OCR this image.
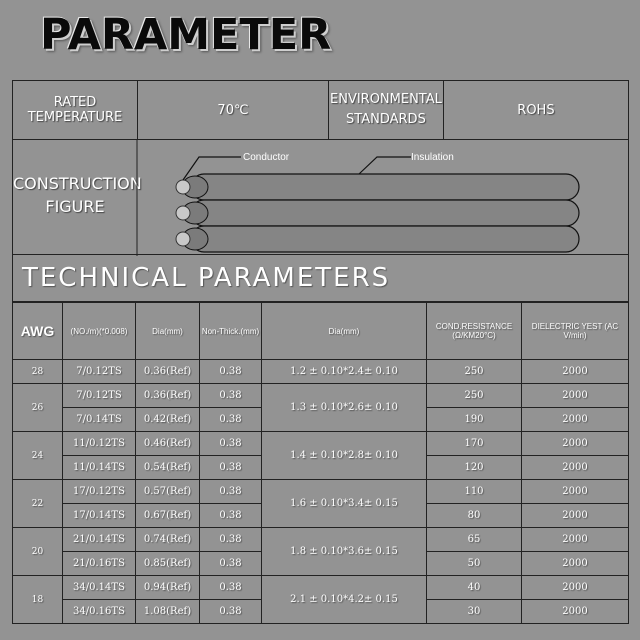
PARAMETER
RATED TEMPERATURE	70℃	ENVIRONMENTAL STANDARDS	ROHS
CONSTRUCTION FIGURE
Conductor	Insulation
TECHNICAL PARAMETERS
AWG	(NO./m)(*0.008)	Dia(mm)	Non-Thick.(mm)	Dia(mm)	COND.RESISTANCE (Ω/KM20°C)	DIELECTRIC YEST (AC V/min)
28	7/0.12TS	0.36(Ref)	0.38	1.2 ± 0.10*2.4± 0.10	250	2000
26	7/0.12TS	0.36(Ref)	0.38	1.3 ± 0.10*2.6± 0.10	250	2000
	7/0.14TS	0.42(Ref)	0.38		190	2000
24	11/0.12TS	0.46(Ref)	0.38	1.4 ± 0.10*2.8± 0.10	170	2000
	11/0.14TS	0.54(Ref)	0.38		120	2000
22	17/0.12TS	0.57(Ref)	0.38	1.6 ± 0.10*3.4± 0.15	110	2000
	17/0.14TS	0.67(Ref)	0.38		80	2000
20	21/0.14TS	0.74(Ref)	0.38	1.8 ± 0.10*3.6± 0.15	65	2000
	21/0.16TS	0.85(Ref)	0.38		50	2000
18	34/0.14TS	0.94(Ref)	0.38	2.1 ± 0.10*4.2± 0.15	40	2000
	34/0.16TS	1.08(Ref)	0.38		30	2000
